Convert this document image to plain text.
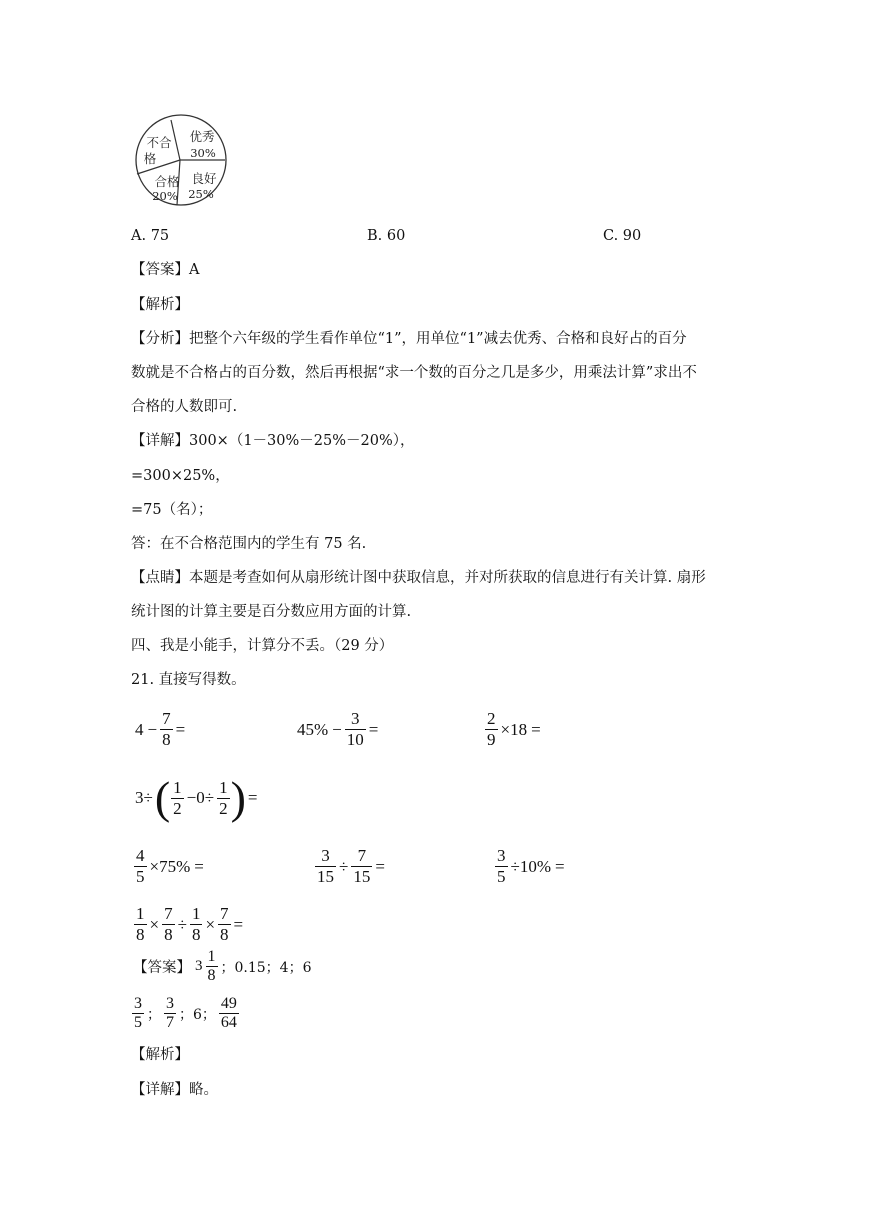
优秀
30%
良好
25%
合格
20%
不合
格
A. 75	B. 60	C. 90
【答案】A
【解析】
【分析】把整个六年级的学生看作单位“1”，用单位“1”减去优秀、合格和良好占的百分
数就是不合格占的百分数，然后再根据“求一个数的百分之几是多少，用乘法计算”求出不
合格的人数即可.
【详解】300×（1－30%－25%－20%），
=300×25%，
=75（名）；
答：在不合格范围内的学生有 75 名.
【点睛】本题是考查如何从扇形统计图中获取信息，并对所获取的信息进行有关计算. 扇形
统计图的计算主要是百分数应用方面的计算.
四、我是小能手，计算分不丢。（29 分）
21. 直接写得数。
$4 - \frac{7}{8}$ =	$45\% - \frac{3}{10}$ =	$\frac{2}{9} \times 18$ =
$3\div( \frac{1}{2} -0\div \frac{1}{2}$ ) =
$\frac{4}{5} \times 75\%$ =	$\frac{3}{15} \div \frac{7}{15}$ =	$\frac{3}{5} \div 10\%$ =
$\frac{1}{8} \times \frac{7}{8} \div \frac{1}{8} \times \frac{7}{8}$ =
【答案】 $3 \frac{1}{8}$ ；0.15；4；6
$\frac{3}{5}$ ； $\frac{3}{7}$ ；6； $\frac{49}{64}$
【解析】
【详解】略。
